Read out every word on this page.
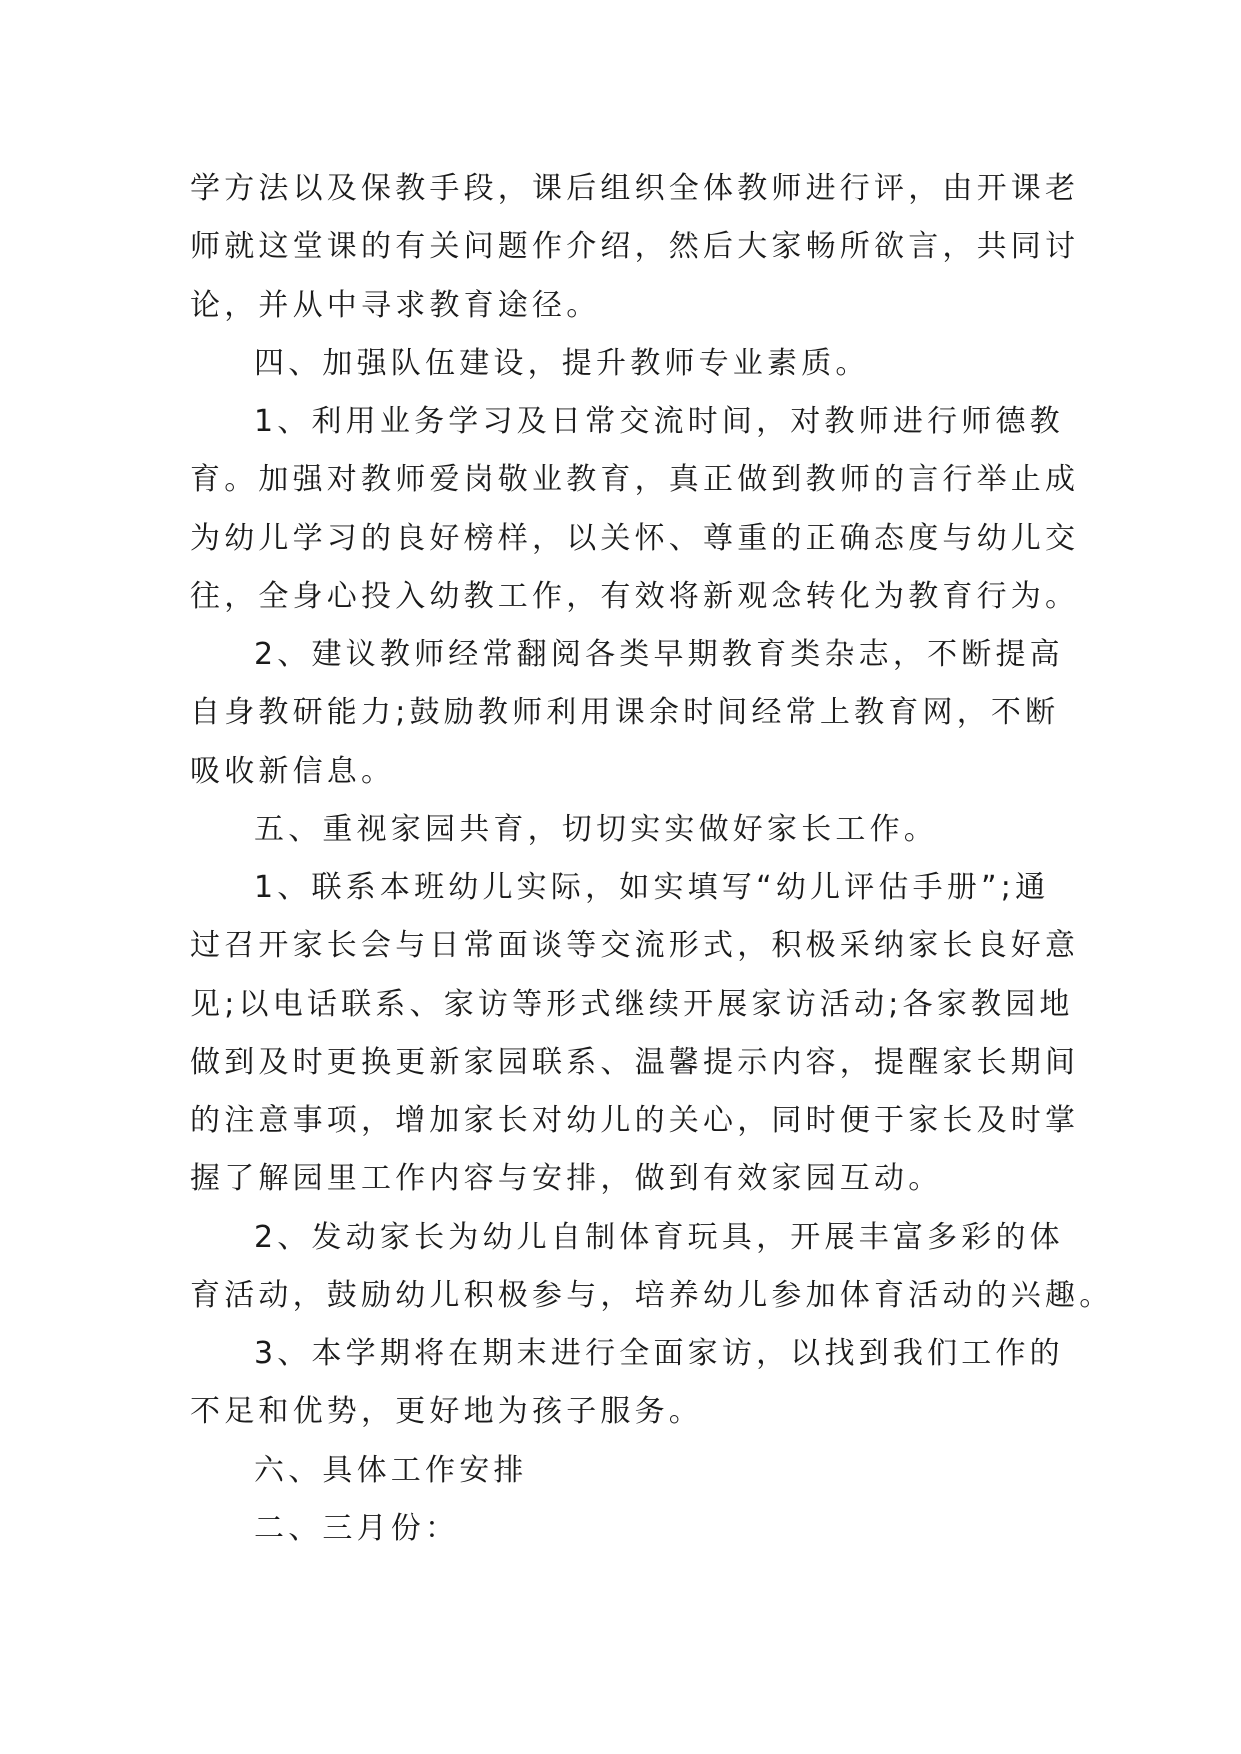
学方法以及保教手段，课后组织全体教师进行评，由开课老
师就这堂课的有关问题作介绍，然后大家畅所欲言，共同讨
论，并从中寻求教育途径。
四、加强队伍建设，提升教师专业素质。
1、利用业务学习及日常交流时间，对教师进行师德教
育。加强对教师爱岗敬业教育，真正做到教师的言行举止成
为幼儿学习的良好榜样，以关怀、尊重的正确态度与幼儿交
往，全身心投入幼教工作，有效将新观念转化为教育行为。
2、建议教师经常翻阅各类早期教育类杂志，不断提高
自身教研能力;鼓励教师利用课余时间经常上教育网，不断
吸收新信息。
五、重视家园共育，切切实实做好家长工作。
1、联系本班幼儿实际，如实填写“幼儿评估手册”;通
过召开家长会与日常面谈等交流形式，积极采纳家长良好意
见;以电话联系、家访等形式继续开展家访活动;各家教园地
做到及时更换更新家园联系、温馨提示内容，提醒家长期间
的注意事项，增加家长对幼儿的关心，同时便于家长及时掌
握了解园里工作内容与安排，做到有效家园互动。
2、发动家长为幼儿自制体育玩具，开展丰富多彩的体
育活动，鼓励幼儿积极参与，培养幼儿参加体育活动的兴趣。
3、本学期将在期末进行全面家访，以找到我们工作的
不足和优势，更好地为孩子服务。
六、具体工作安排
二、三月份：
